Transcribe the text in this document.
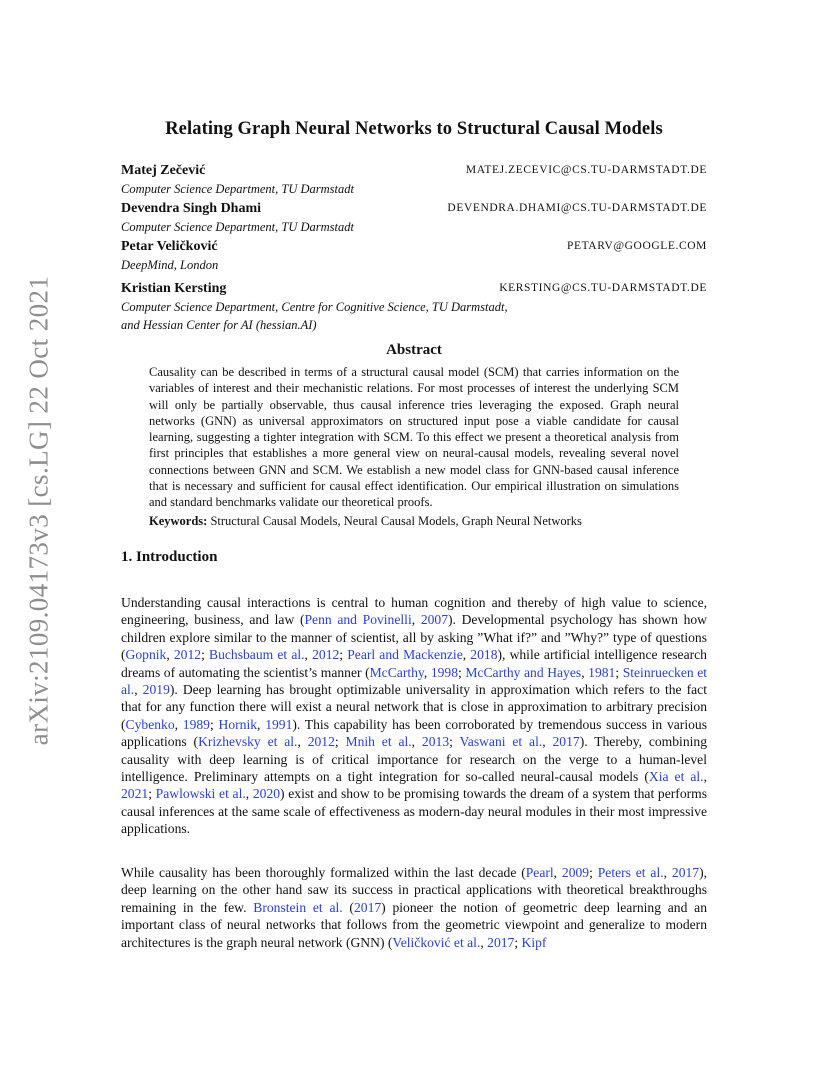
arXiv:2109.04173v3 [cs.LG] 22 Oct 2021
Relating Graph Neural Networks to Structural Causal Models
Matej Zečević	MATEJ.ZECEVIC@CS.TU-DARMSTADT.DE
Computer Science Department, TU Darmstadt
Devendra Singh Dhami	DEVENDRA.DHAMI@CS.TU-DARMSTADT.DE
Computer Science Department, TU Darmstadt
Petar Veličković	PETARV@GOOGLE.COM
DeepMind, London
Kristian Kersting	KERSTING@CS.TU-DARMSTADT.DE
Computer Science Department, Centre for Cognitive Science, TU Darmstadt,
and Hessian Center for AI (hessian.AI)
Abstract
Causality can be described in terms of a structural causal model (SCM) that carries information on the variables of interest and their mechanistic relations. For most processes of interest the underlying SCM will only be partially observable, thus causal inference tries leveraging the exposed. Graph neural networks (GNN) as universal approximators on structured input pose a viable candidate for causal learning, suggesting a tighter integration with SCM. To this effect we present a theoretical analysis from first principles that establishes a more general view on neural-causal models, revealing several novel connections between GNN and SCM. We establish a new model class for GNN-based causal inference that is necessary and sufficient for causal effect identification. Our empirical illustration on simulations and standard benchmarks validate our theoretical proofs.
Keywords: Structural Causal Models, Neural Causal Models, Graph Neural Networks
1. Introduction
Understanding causal interactions is central to human cognition and thereby of high value to science, engineering, business, and law (Penn and Povinelli, 2007). Developmental psychology has shown how children explore similar to the manner of scientist, all by asking ”What if?” and ”Why?” type of questions (Gopnik, 2012; Buchsbaum et al., 2012; Pearl and Mackenzie, 2018), while artificial intelligence research dreams of automating the scientist’s manner (McCarthy, 1998; McCarthy and Hayes, 1981; Steinruecken et al., 2019). Deep learning has brought optimizable universality in approximation which refers to the fact that for any function there will exist a neural network that is close in approximation to arbitrary precision (Cybenko, 1989; Hornik, 1991). This capability has been corroborated by tremendous success in various applications (Krizhevsky et al., 2012; Mnih et al., 2013; Vaswani et al., 2017). Thereby, combining causality with deep learning is of critical importance for research on the verge to a human-level intelligence. Preliminary attempts on a tight integration for so-called neural-causal models (Xia et al., 2021; Pawlowski et al., 2020) exist and show to be promising towards the dream of a system that performs causal inferences at the same scale of effectiveness as modern-day neural modules in their most impressive applications.
While causality has been thoroughly formalized within the last decade (Pearl, 2009; Peters et al., 2017), deep learning on the other hand saw its success in practical applications with theoretical breakthroughs remaining in the few. Bronstein et al. (2017) pioneer the notion of geometric deep learning and an important class of neural networks that follows from the geometric viewpoint and generalize to modern architectures is the graph neural network (GNN) (Veličković et al., 2017; Kipf
